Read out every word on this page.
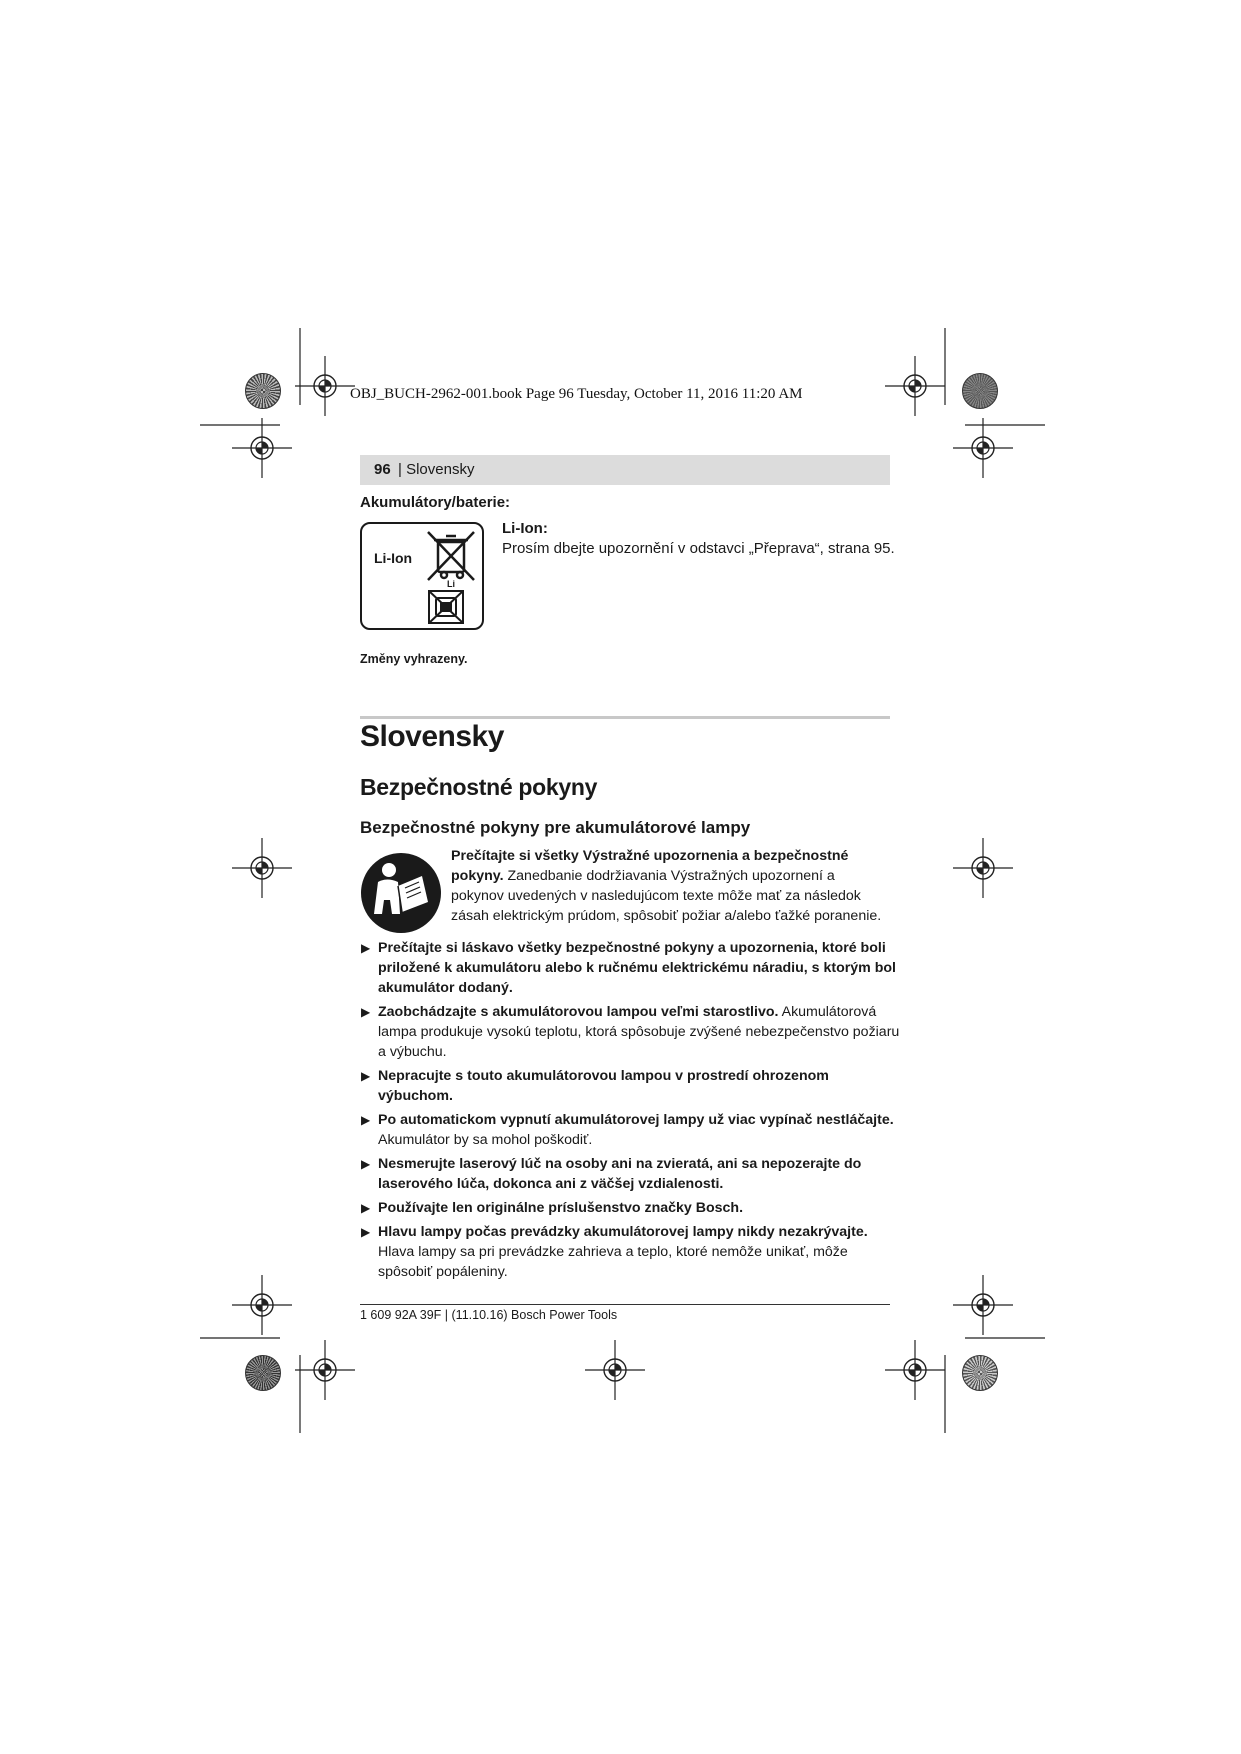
OBJ_BUCH-2962-001.book Page 96 Tuesday, October 11, 2016 11:20 AM
96 | Slovensky
Akumulátory/baterie:
Li-Ion
Li
Li-Ion:
Prosím dbejte upozornění v odstavci „Přeprava“, strana 95.
Změny vyhrazeny.
Slovensky
Bezpečnostné pokyny
Bezpečnostné pokyny pre akumulátorové lampy
Prečítajte si všetky Výstražné upozornenia a bezpečnostné pokyny. Zanedbanie dodržiavania Výstražných upozornení a pokynov uvedených v nasledujúcom texte môže mať za následok zásah elektrickým prúdom, spôsobiť požiar a/alebo ťažké poranenie.
▶ Prečítajte si láskavo všetky bezpečnostné pokyny a upozornenia, ktoré boli priložené k akumulátoru alebo k ručnému elektrickému náradiu, s ktorým bol akumulátor dodaný.
▶ Zaobchádzajte s akumulátorovou lampou veľmi starostlivo. Akumulátorová lampa produkuje vysokú teplotu, ktorá spôsobuje zvýšené nebezpečenstvo požiaru a výbuchu.
▶ Nepracujte s touto akumulátorovou lampou v prostredí ohrozenom výbuchom.
▶ Po automatickom vypnutí akumulátorovej lampy už viac vypínač nestláčajte. Akumulátor by sa mohol poškodiť.
▶ Nesmerujte laserový lúč na osoby ani na zvieratá, ani sa nepozerajte do laserového lúča, dokonca ani z väčšej vzdialenosti.
▶ Používajte len originálne príslušenstvo značky Bosch.
▶ Hlavu lampy počas prevádzky akumulátorovej lampy nikdy nezakrývajte. Hlava lampy sa pri prevádzke zahrieva a teplo, ktoré nemôže unikať, môže spôsobiť popáleniny.
1 609 92A 39F | (11.10.16) Bosch Power Tools
